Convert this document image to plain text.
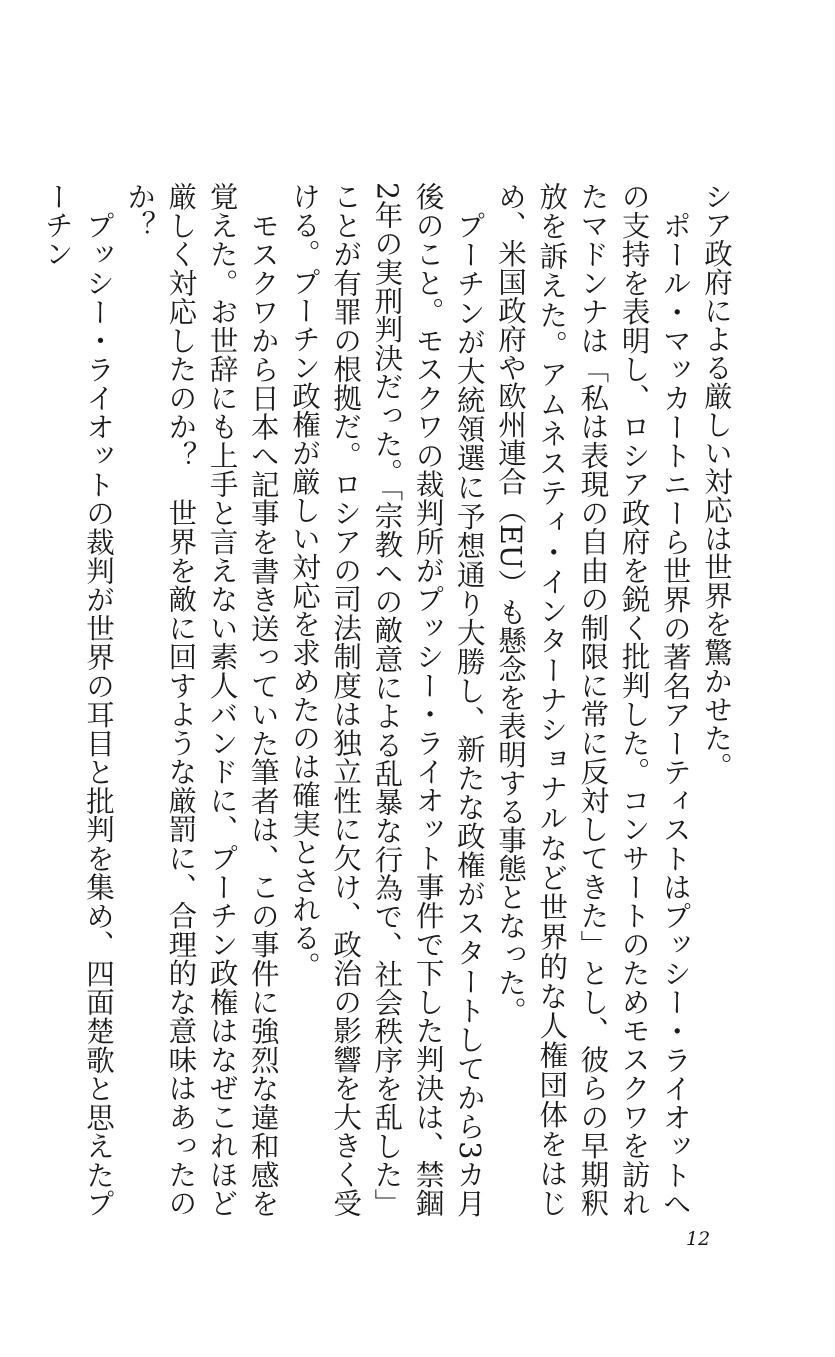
シア政府による厳しい対応は世界を驚かせた。

ポール・マッカートニーら世界の著名アーティストはプッシー・ライオットへの支持を表明し、ロシア政府を鋭く批判した。コンサートのためモスクワを訪れたマドンナは「私は表現の自由の制限に常に反対してきた」とし、彼らの早期釈放を訴えた。アムネスティ・インターナショナルなど世界的な人権団体をはじめ、米国政府や欧州連合（EU）も懸念を表明する事態となった。

プーチンが大統領選に予想通り大勝し、新たな政権がスタートしてから3カ月後のこと。モスクワの裁判所がプッシー・ライオット事件で下した判決は、禁錮2年の実刑判決だった。「宗教への敵意による乱暴な行為で、社会秩序を乱した」ことが有罪の根拠だ。ロシアの司法制度は独立性に欠け、政治の影響を大きく受ける。プーチン政権が厳しい対応を求めたのは確実とされる。

モスクワから日本へ記事を書き送っていた筆者は、この事件に強烈な違和感を覚えた。お世辞にも上手と言えない素人バンドに、プーチン政権はなぜこれほど厳しく対応したのか？　世界を敵に回すような厳罰に、合理的な意味はあったのか？

プッシー・ライオットの裁判が世界の耳目と批判を集め、四面楚歌と思えたプーチン

12
